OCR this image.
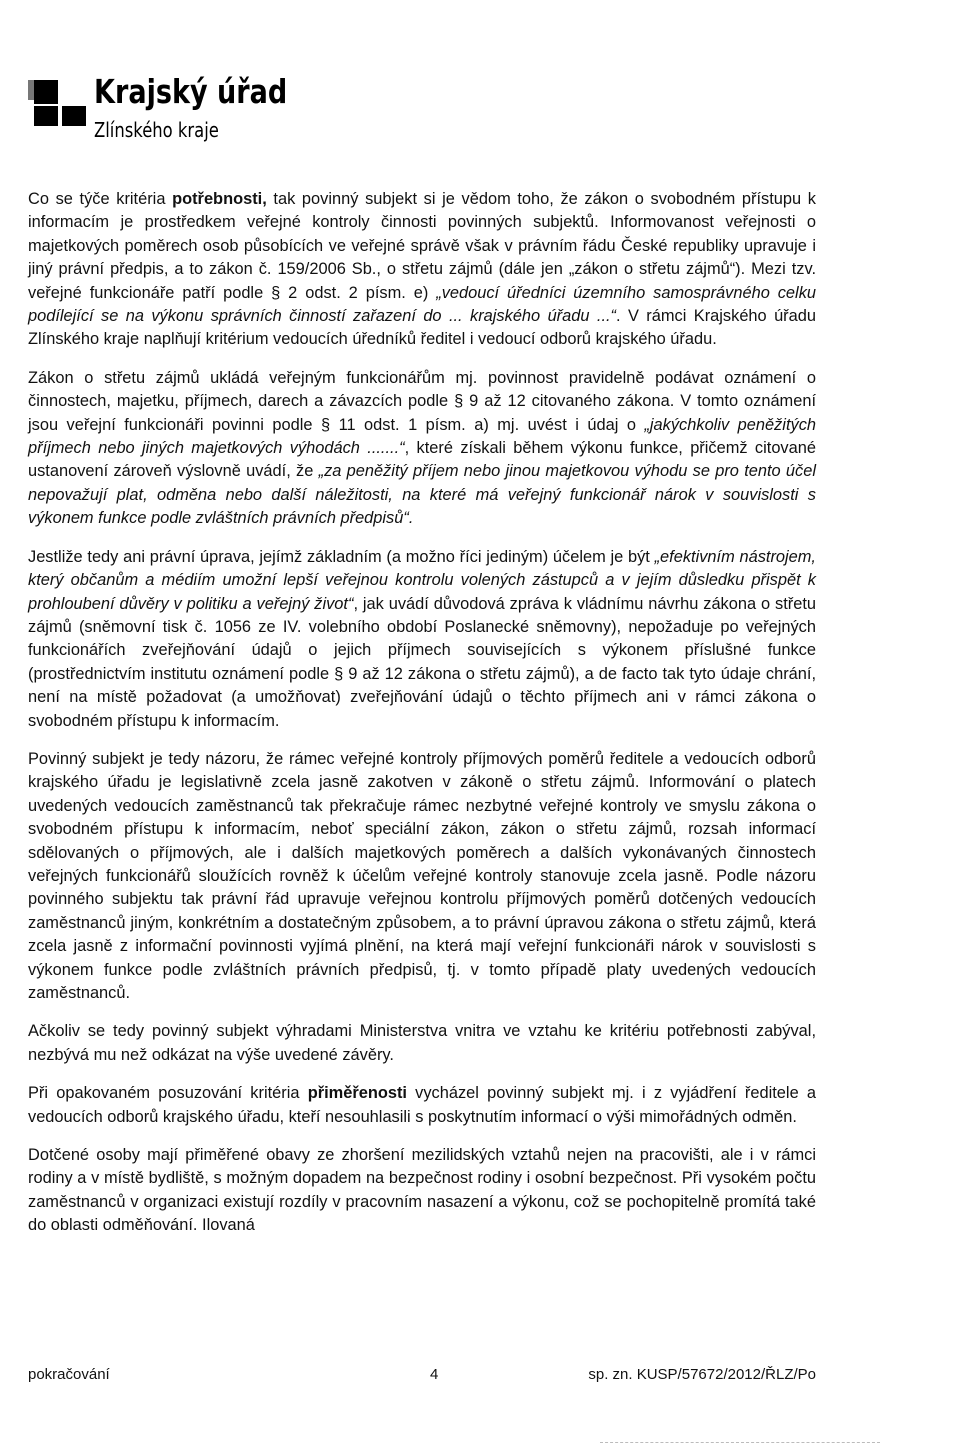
Krajský úřad
Zlínského kraje

Co se týče kritéria potřebnosti, tak povinný subjekt si je vědom toho, že zákon o svobodném přístupu k informacím je prostředkem veřejné kontroly činnosti povinných subjektů. Informovanost veřejnosti o majetkových poměrech osob působících ve veřejné správě však v právním řádu České republiky upravuje i jiný právní předpis, a to zákon č. 159/2006 Sb., o střetu zájmů (dále jen „zákon o střetu zájmů“). Mezi tzv. veřejné funkcionáře patří podle § 2 odst. 2 písm. e) „vedoucí úředníci územního samosprávného celku podílející se na výkonu správních činností zařazení do ... krajského úřadu ...“. V rámci Krajského úřadu Zlínského kraje naplňují kritérium vedoucích úředníků ředitel i vedoucí odborů krajského úřadu.

Zákon o střetu zájmů ukládá veřejným funkcionářům mj. povinnost pravidelně podávat oznámení o činnostech, majetku, příjmech, darech a závazcích podle § 9 až 12 citovaného zákona. V tomto oznámení jsou veřejní funkcionáři povinni podle § 11 odst. 1 písm. a) mj. uvést i údaj o „jakýchkoliv peněžitých příjmech nebo jiných majetkových výhodách .......“, které získali během výkonu funkce, přičemž citované ustanovení zároveň výslovně uvádí, že „za peněžitý příjem nebo jinou majetkovou výhodu se pro tento účel nepovažují plat, odměna nebo další náležitosti, na které má veřejný funkcionář nárok v souvislosti s výkonem funkce podle zvláštních právních předpisů“.

Jestliže tedy ani právní úprava, jejímž základním (a možno říci jediným) účelem je být „efektivním nástrojem, který občanům a médiím umožní lepší veřejnou kontrolu volených zástupců a v jejím důsledku přispět k prohloubení důvěry v politiku a veřejný život“, jak uvádí důvodová zpráva k vládnímu návrhu zákona o střetu zájmů (sněmovní tisk č. 1056 ze IV. volebního období Poslanecké sněmovny), nepožaduje po veřejných funkcionářích zveřejňování údajů o jejich příjmech souvisejících s výkonem příslušné funkce (prostřednictvím institutu oznámení podle § 9 až 12 zákona o střetu zájmů), a de facto tak tyto údaje chrání, není na místě požadovat (a umožňovat) zveřejňování údajů o těchto příjmech ani v rámci zákona o svobodném přístupu k informacím.

Povinný subjekt je tedy názoru, že rámec veřejné kontroly příjmových poměrů ředitele a vedoucích odborů krajského úřadu je legislativně zcela jasně zakotven v zákoně o střetu zájmů. Informování o platech uvedených vedoucích zaměstnanců tak překračuje rámec nezbytné veřejné kontroly ve smyslu zákona o svobodném přístupu k informacím, neboť speciální zákon, zákon o střetu zájmů, rozsah informací sdělovaných o příjmových, ale i dalších majetkových poměrech a dalších vykonávaných činnostech veřejných funkcionářů sloužících rovněž k účelům veřejné kontroly stanovuje zcela jasně. Podle názoru povinného subjektu tak právní řád upravuje veřejnou kontrolu příjmových poměrů dotčených vedoucích zaměstnanců jiným, konkrétním a dostatečným způsobem, a to právní úpravou zákona o střetu zájmů, která zcela jasně z informační povinnosti vyjímá plnění, na která mají veřejní funkcionáři nárok v souvislosti s výkonem funkce podle zvláštních právních předpisů, tj. v tomto případě platy uvedených vedoucích zaměstnanců.

Ačkoliv se tedy povinný subjekt výhradami Ministerstva vnitra ve vztahu ke kritériu potřebnosti zabýval, nezbývá mu než odkázat na výše uvedené závěry.

Při opakovaném posuzování kritéria přiměřenosti vycházel povinný subjekt mj. i z vyjádření ředitele a vedoucích odborů krajského úřadu, kteří nesouhlasili s poskytnutím informací o výši mimořádných odměn.

Dotčené osoby mají přiměřené obavy ze zhoršení mezilidských vztahů nejen na pracovišti, ale i v rámci rodiny a v místě bydliště, s možným dopadem na bezpečnost rodiny i osobní bezpečnost. Při vysokém počtu zaměstnanců v organizaci existují rozdíly v pracovním nasazení a výkonu, což se pochopitelně promítá také do oblasti odměňování. Ilovaná

pokračování	4	sp. zn. KUSP/57672/2012/ŘLZ/Po
